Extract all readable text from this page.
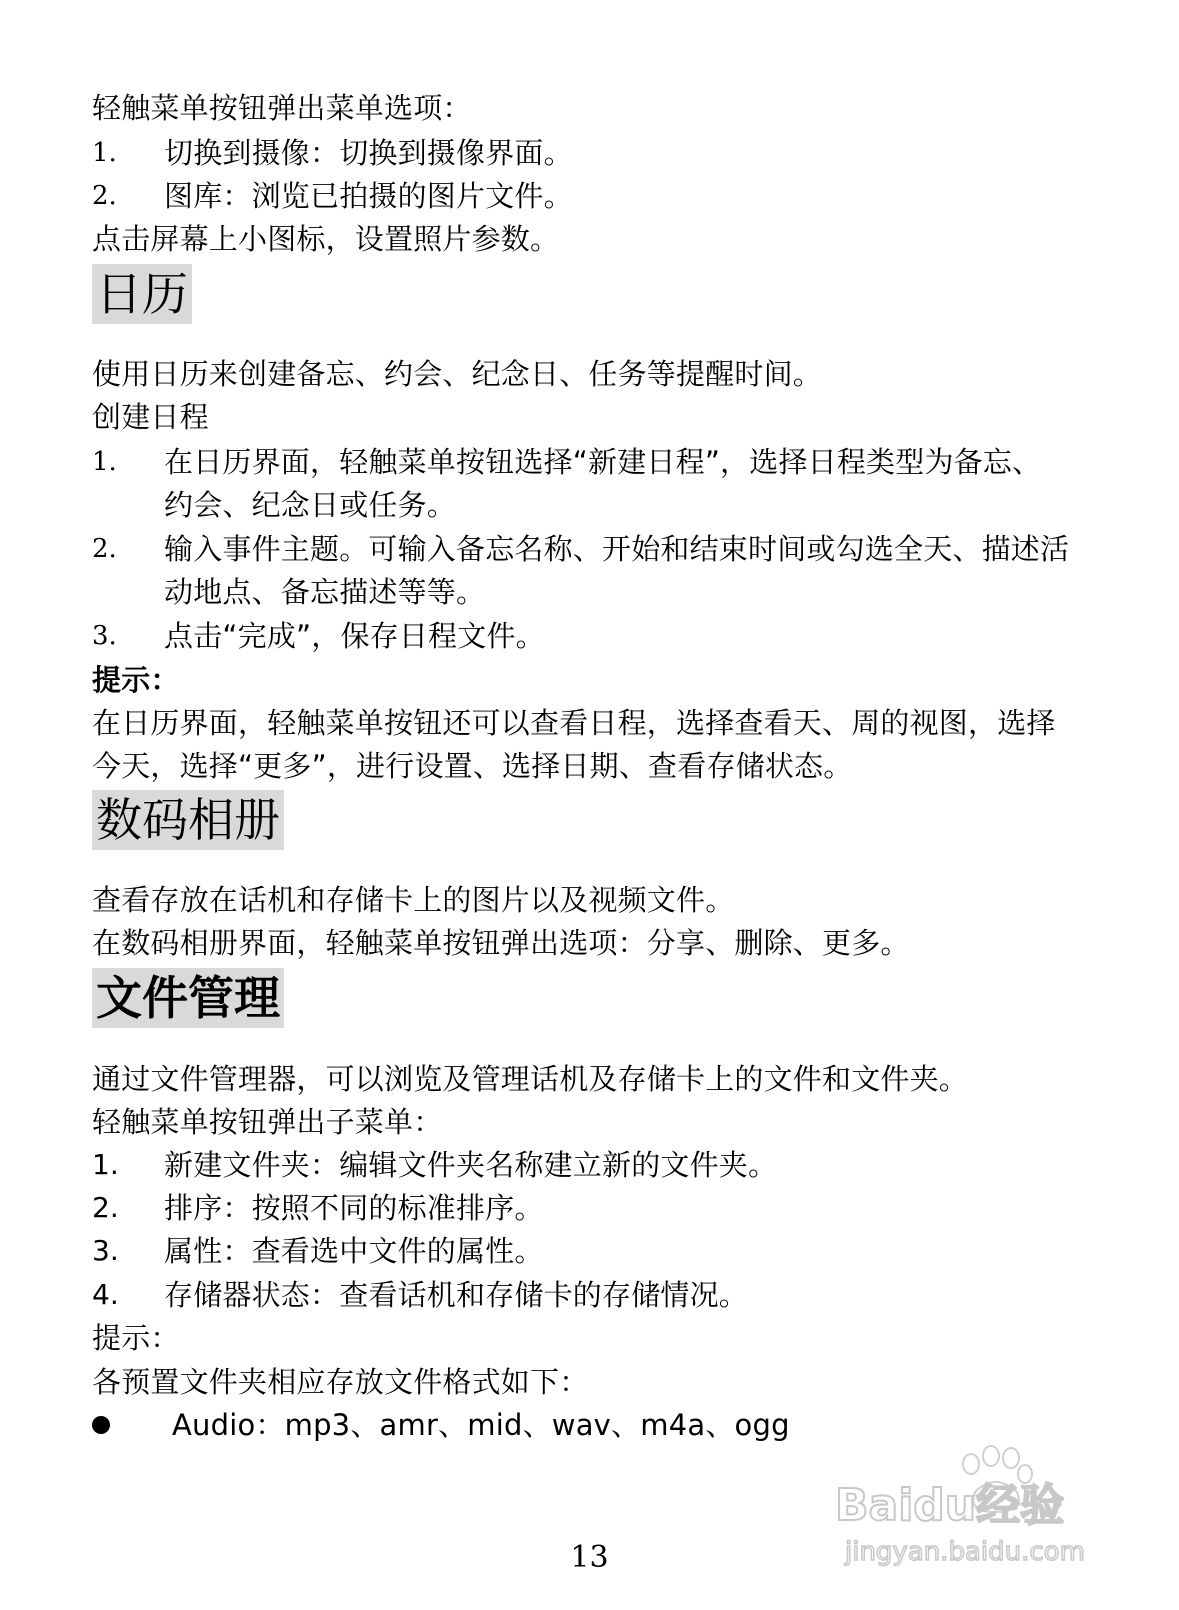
轻触菜单按钮弹出菜单选项：
1. 切换到摄像：切换到摄像界面。
2. 图库：浏览已拍摄的图片文件。
点击屏幕上小图标，设置照片参数。
日历
使用日历来创建备忘、约会、纪念日、任务等提醒时间。
创建日程
1. 在日历界面，轻触菜单按钮选择“新建日程”，选择日程类型为备忘、
约会、纪念日或任务。
2. 输入事件主题。可输入备忘名称、开始和结束时间或勾选全天、描述活
动地点、备忘描述等等。
3. 点击“完成”，保存日程文件。
提示：
在日历界面，轻触菜单按钮还可以查看日程，选择查看天、周的视图，选择
今天，选择“更多”，进行设置、选择日期、查看存储状态。
数码相册
查看存放在话机和存储卡上的图片以及视频文件。
在数码相册界面，轻触菜单按钮弹出选项：分享、删除、更多。
文件管理
通过文件管理器，可以浏览及管理话机及存储卡上的文件和文件夹。
轻触菜单按钮弹出子菜单：
1. 新建文件夹：编辑文件夹名称建立新的文件夹。
2. 排序：按照不同的标准排序。
3. 属性：查看选中文件的属性。
4. 存储器状态：查看话机和存储卡的存储情况。
提示：
各预置文件夹相应存放文件格式如下：
Audio：mp3、amr、mid、wav、m4a、ogg
13
Baidu经验
jingyan.baidu.com
